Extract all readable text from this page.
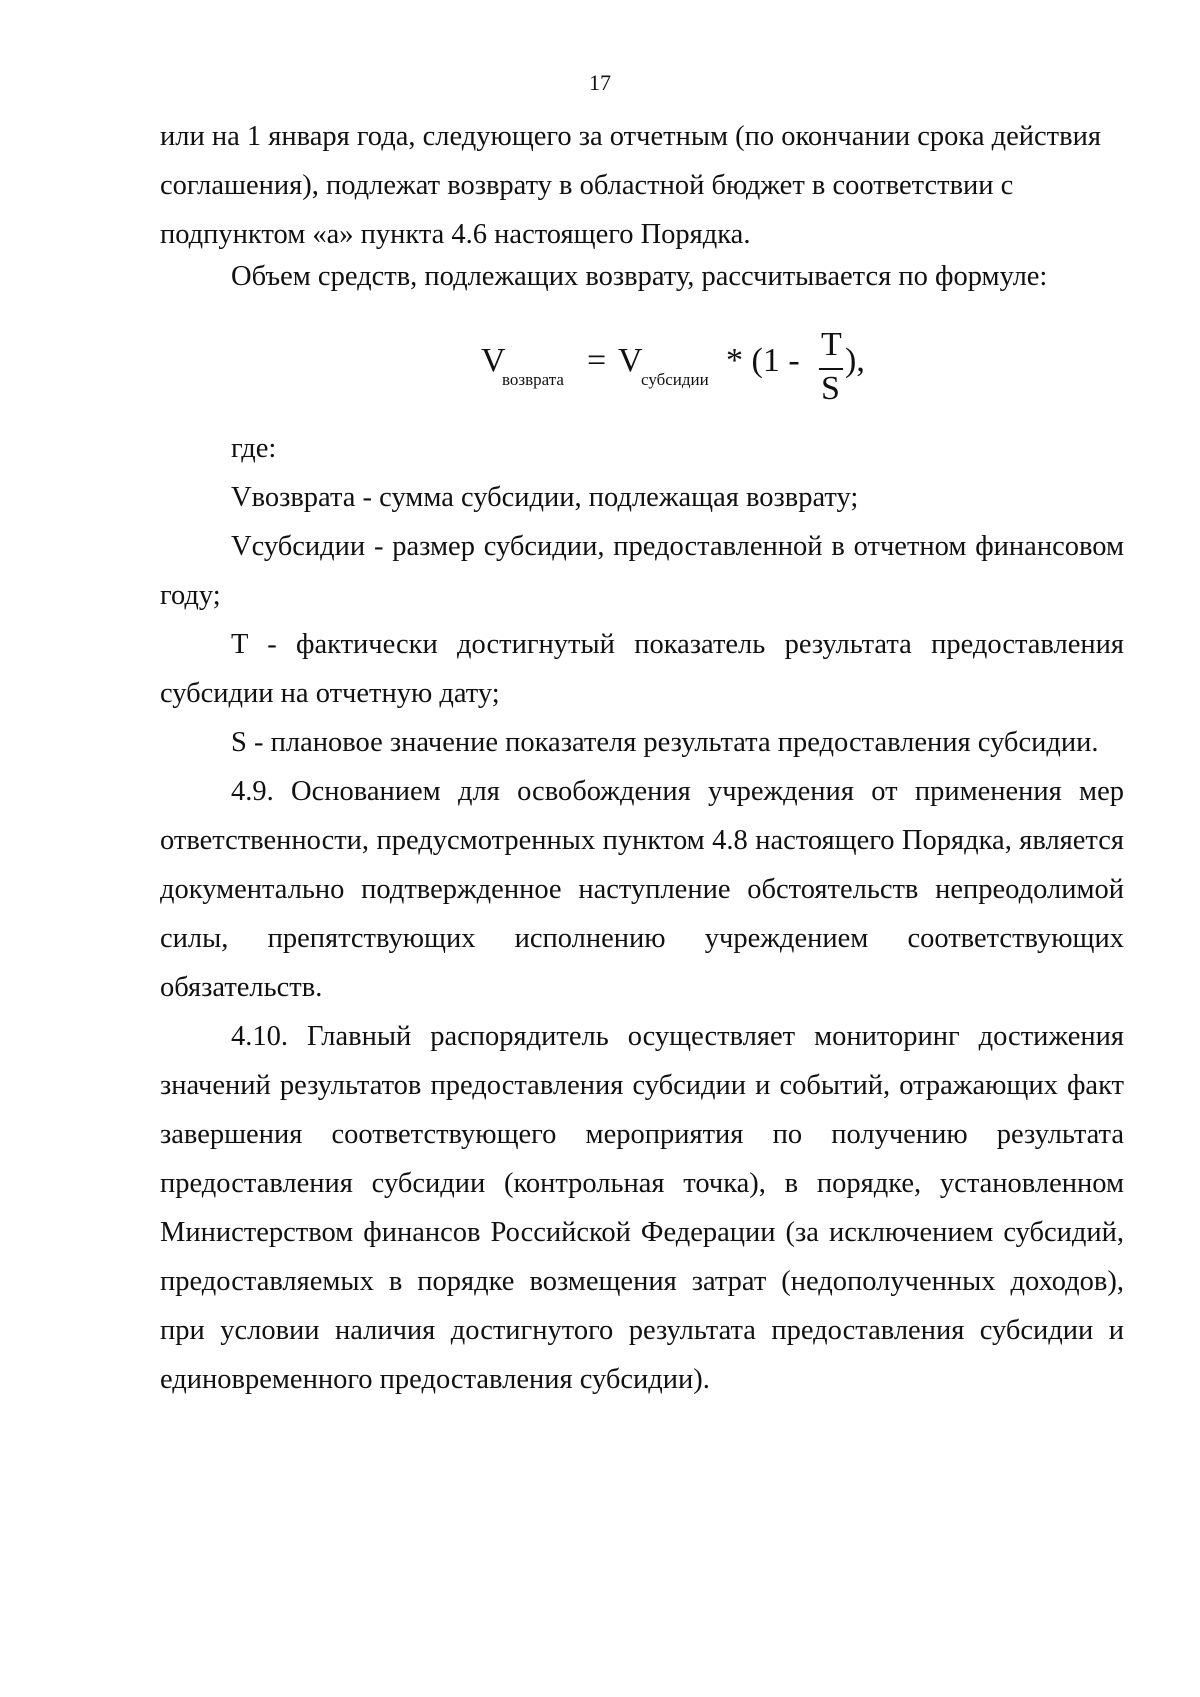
17

или на 1 января года, следующего за отчетным (по окончании срока действия

соглашения), подлежат возврату в областной бюджет в соответствии с

подпунктом «а» пункта 4.6 настоящего Порядка.

Объем средств, подлежащих возврату, рассчитывается по формуле:

V
возврата
= V
субсидии
* (1 - T
S
),

где:

Vвозврата - сумма субсидии, подлежащая возврату;

Vсубсидии - размер субсидии, предоставленной в отчетном финансовом году;

T - фактически достигнутый показатель результата предоставления субсидии на отчетную дату;

S - плановое значение показателя результата предоставления субсидии.

4.9. Основанием для освобождения учреждения от применения мер ответственности, предусмотренных пунктом 4.8 настоящего Порядка, является документально подтвержденное наступление обстоятельств непреодолимой силы, препятствующих исполнению учреждением соответствующих обязательств.

4.10. Главный распорядитель осуществляет мониторинг достижения значений результатов предоставления субсидии и событий, отражающих факт завершения соответствующего мероприятия по получению результата предоставления субсидии (контрольная точка), в порядке, установленном Министерством финансов Российской Федерации (за исключением субсидий, предоставляемых в порядке возмещения затрат (недополученных доходов), при условии наличия достигнутого результата предоставления субсидии и единовременного предоставления субсидии).
